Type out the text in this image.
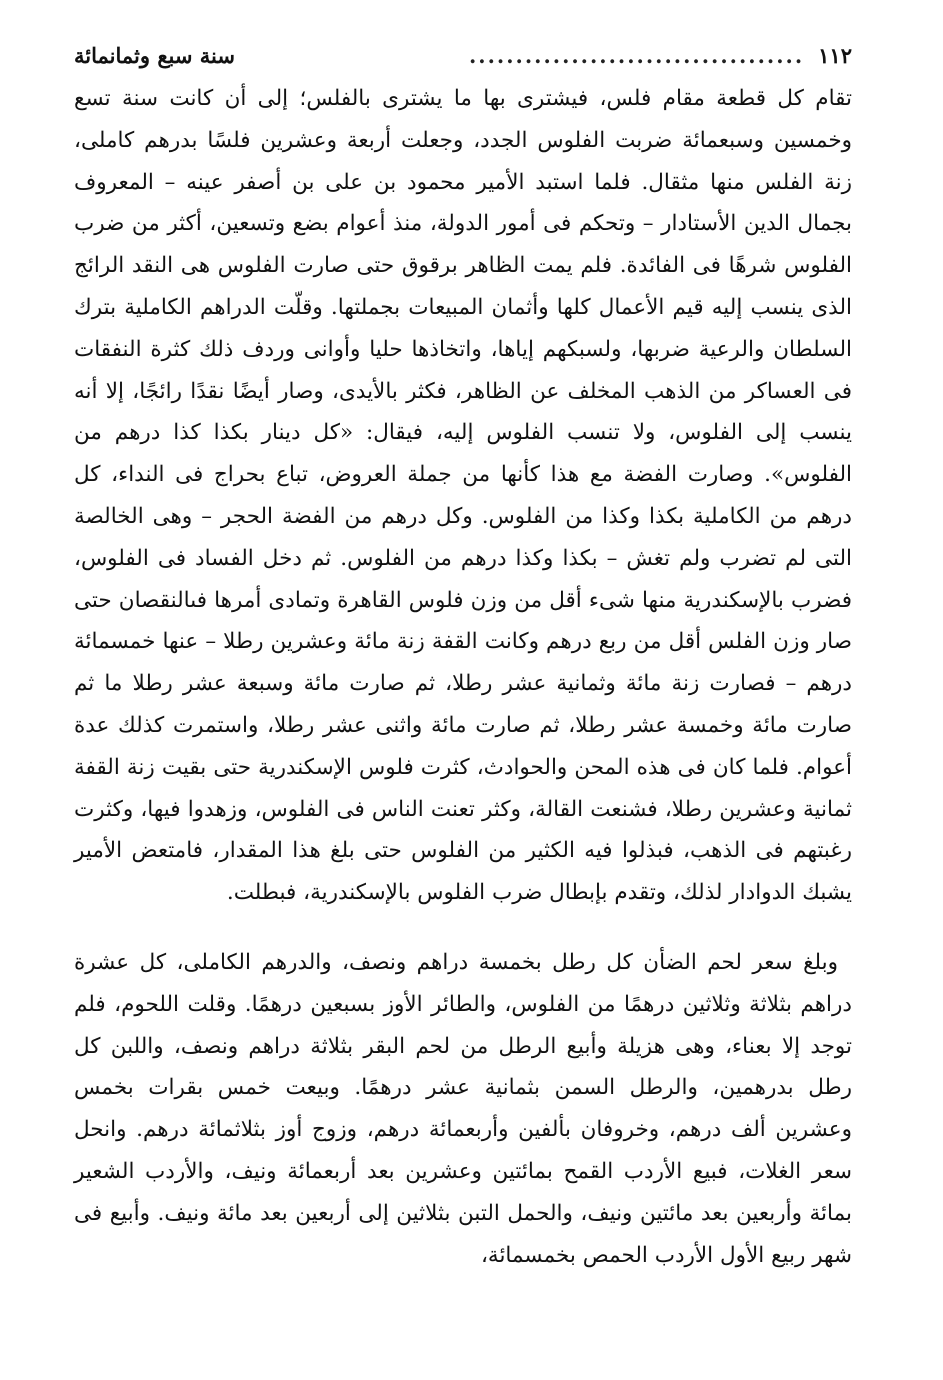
١١٢
....................................
سنة سبع وثمانمائة

تقام كل قطعة مقام فلس، فيشترى بها ما يشترى بالفلس؛ إلى أن كانت سنة تسع وخمسين وسبعمائة ضربت الفلوس الجدد، وجعلت أربعة وعشرين فلسًا بدرهم كاملى، زنة الفلس منها مثقال. فلما استبد الأمير محمود بن على بن أصفر عينه – المعروف بجمال الدين الأستادار – وتحكم فى أمور الدولة، منذ أعوام بضع وتسعين، أكثر من ضرب الفلوس شرهًا فى الفائدة. فلم يمت الظاهر برقوق حتى صارت الفلوس هى النقد الرائج الذى ينسب إليه قيم الأعمال كلها وأثمان المبيعات بجملتها. وقلّت الدراهم الكاملية بترك السلطان والرعية ضربها، ولسبكهم إياها، واتخاذها حليا وأوانى وردف ذلك كثرة النفقات فى العساكر من الذهب المخلف عن الظاهر، فكثر بالأيدى، وصار أيضًا نقدًا رائجًا، إلا أنه ينسب إلى الفلوس، ولا تنسب الفلوس إليه، فيقال: «كل دينار بكذا كذا درهم من الفلوس». وصارت الفضة مع هذا كأنها من جملة العروض، تباع بحراج فى النداء، كل درهم من الكاملية بكذا وكذا من الفلوس. وكل درهم من الفضة الحجر – وهى الخالصة التى لم تضرب ولم تغش – بكذا وكذا درهم من الفلوس. ثم دخل الفساد فى الفلوس، فضرب بالإسكندرية منها شىء أقل من وزن فلوس القاهرة وتمادى أمرها فىالنقصان حتى صار وزن الفلس أقل من ربع درهم وكانت القفة زنة مائة وعشرين رطلا – عنها خمسمائة درهم – فصارت زنة مائة وثمانية عشر رطلا، ثم صارت مائة وسبعة عشر رطلا ما ثم صارت مائة وخمسة عشر رطلا، ثم صارت مائة واثنى عشر رطلا، واستمرت كذلك عدة أعوام. فلما كان فى هذه المحن والحوادث، كثرت فلوس الإسكندرية حتى بقيت زنة القفة ثمانية وعشرين رطلا، فشنعت القالة، وكثر تعنت الناس فى الفلوس، وزهدوا فيها، وكثرت رغبتهم فى الذهب، فبذلوا فيه الكثير من الفلوس حتى بلغ هذا المقدار، فامتعض الأمير يشبك الدوادار لذلك، وتقدم بإبطال ضرب الفلوس بالإسكندرية، فبطلت.

وبلغ سعر لحم الضأن كل رطل بخمسة دراهم ونصف، والدرهم الكاملى، كل عشرة دراهم بثلاثة وثلاثين درهمًا من الفلوس، والطائر الأوز بسبعين درهمًا. وقلت اللحوم، فلم توجد إلا بعناء، وهى هزيلة وأبيع الرطل من لحم البقر بثلاثة دراهم ونصف، واللبن كل رطل بدرهمين، والرطل السمن بثمانية عشر درهمًا. وبيعت خمس بقرات بخمس وعشرين ألف درهم، وخروفان بألفين وأربعمائة درهم، وزوج أوز بثلاثمائة درهم. وانحل سعر الغلات، فبيع الأردب القمح بمائتين وعشرين بعد أربعمائة ونيف، والأردب الشعير بمائة وأربعين بعد مائتين ونيف، والحمل التبن بثلاثين إلى أربعين بعد مائة ونيف. وأبيع فى شهر ربيع الأول الأردب الحمص بخمسمائة،
